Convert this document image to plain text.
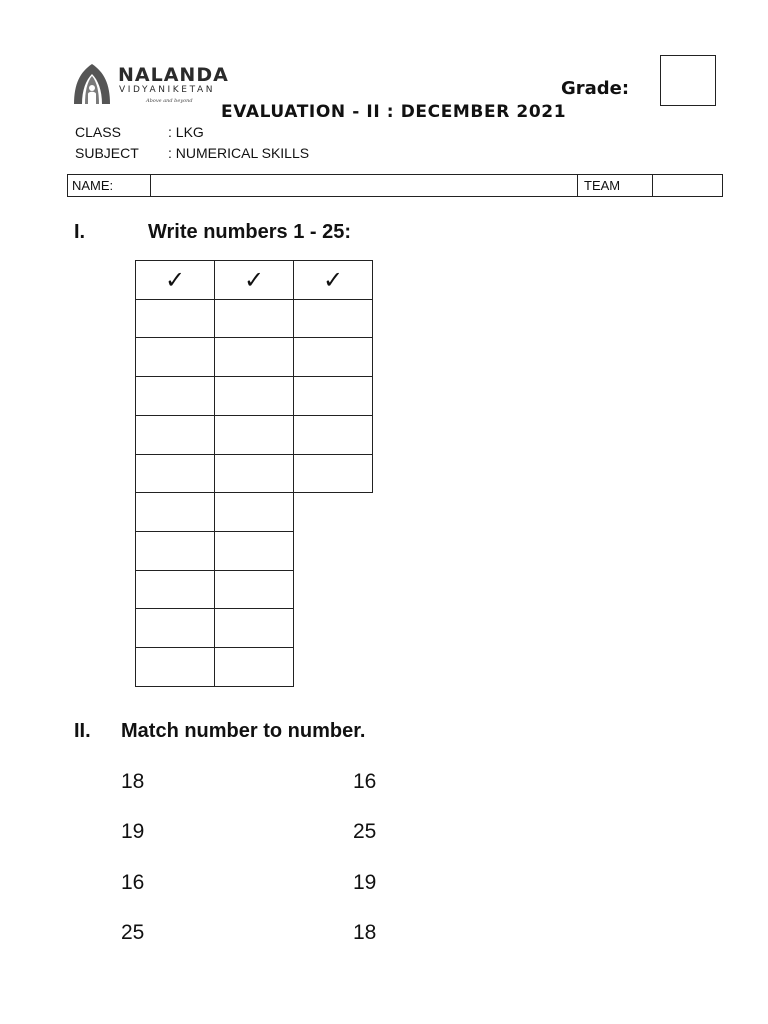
NALANDA
VIDYANIKETAN
Above and beyond
Grade:
EVALUATION - II : DECEMBER 2021
CLASS	: LKG
SUBJECT : NUMERICAL SKILLS
NAME:	TEAM
I.	Write numbers 1 - 25:
✓	✓	✓
II. Match number to number.
18	16
19	25
16	19
25	18
